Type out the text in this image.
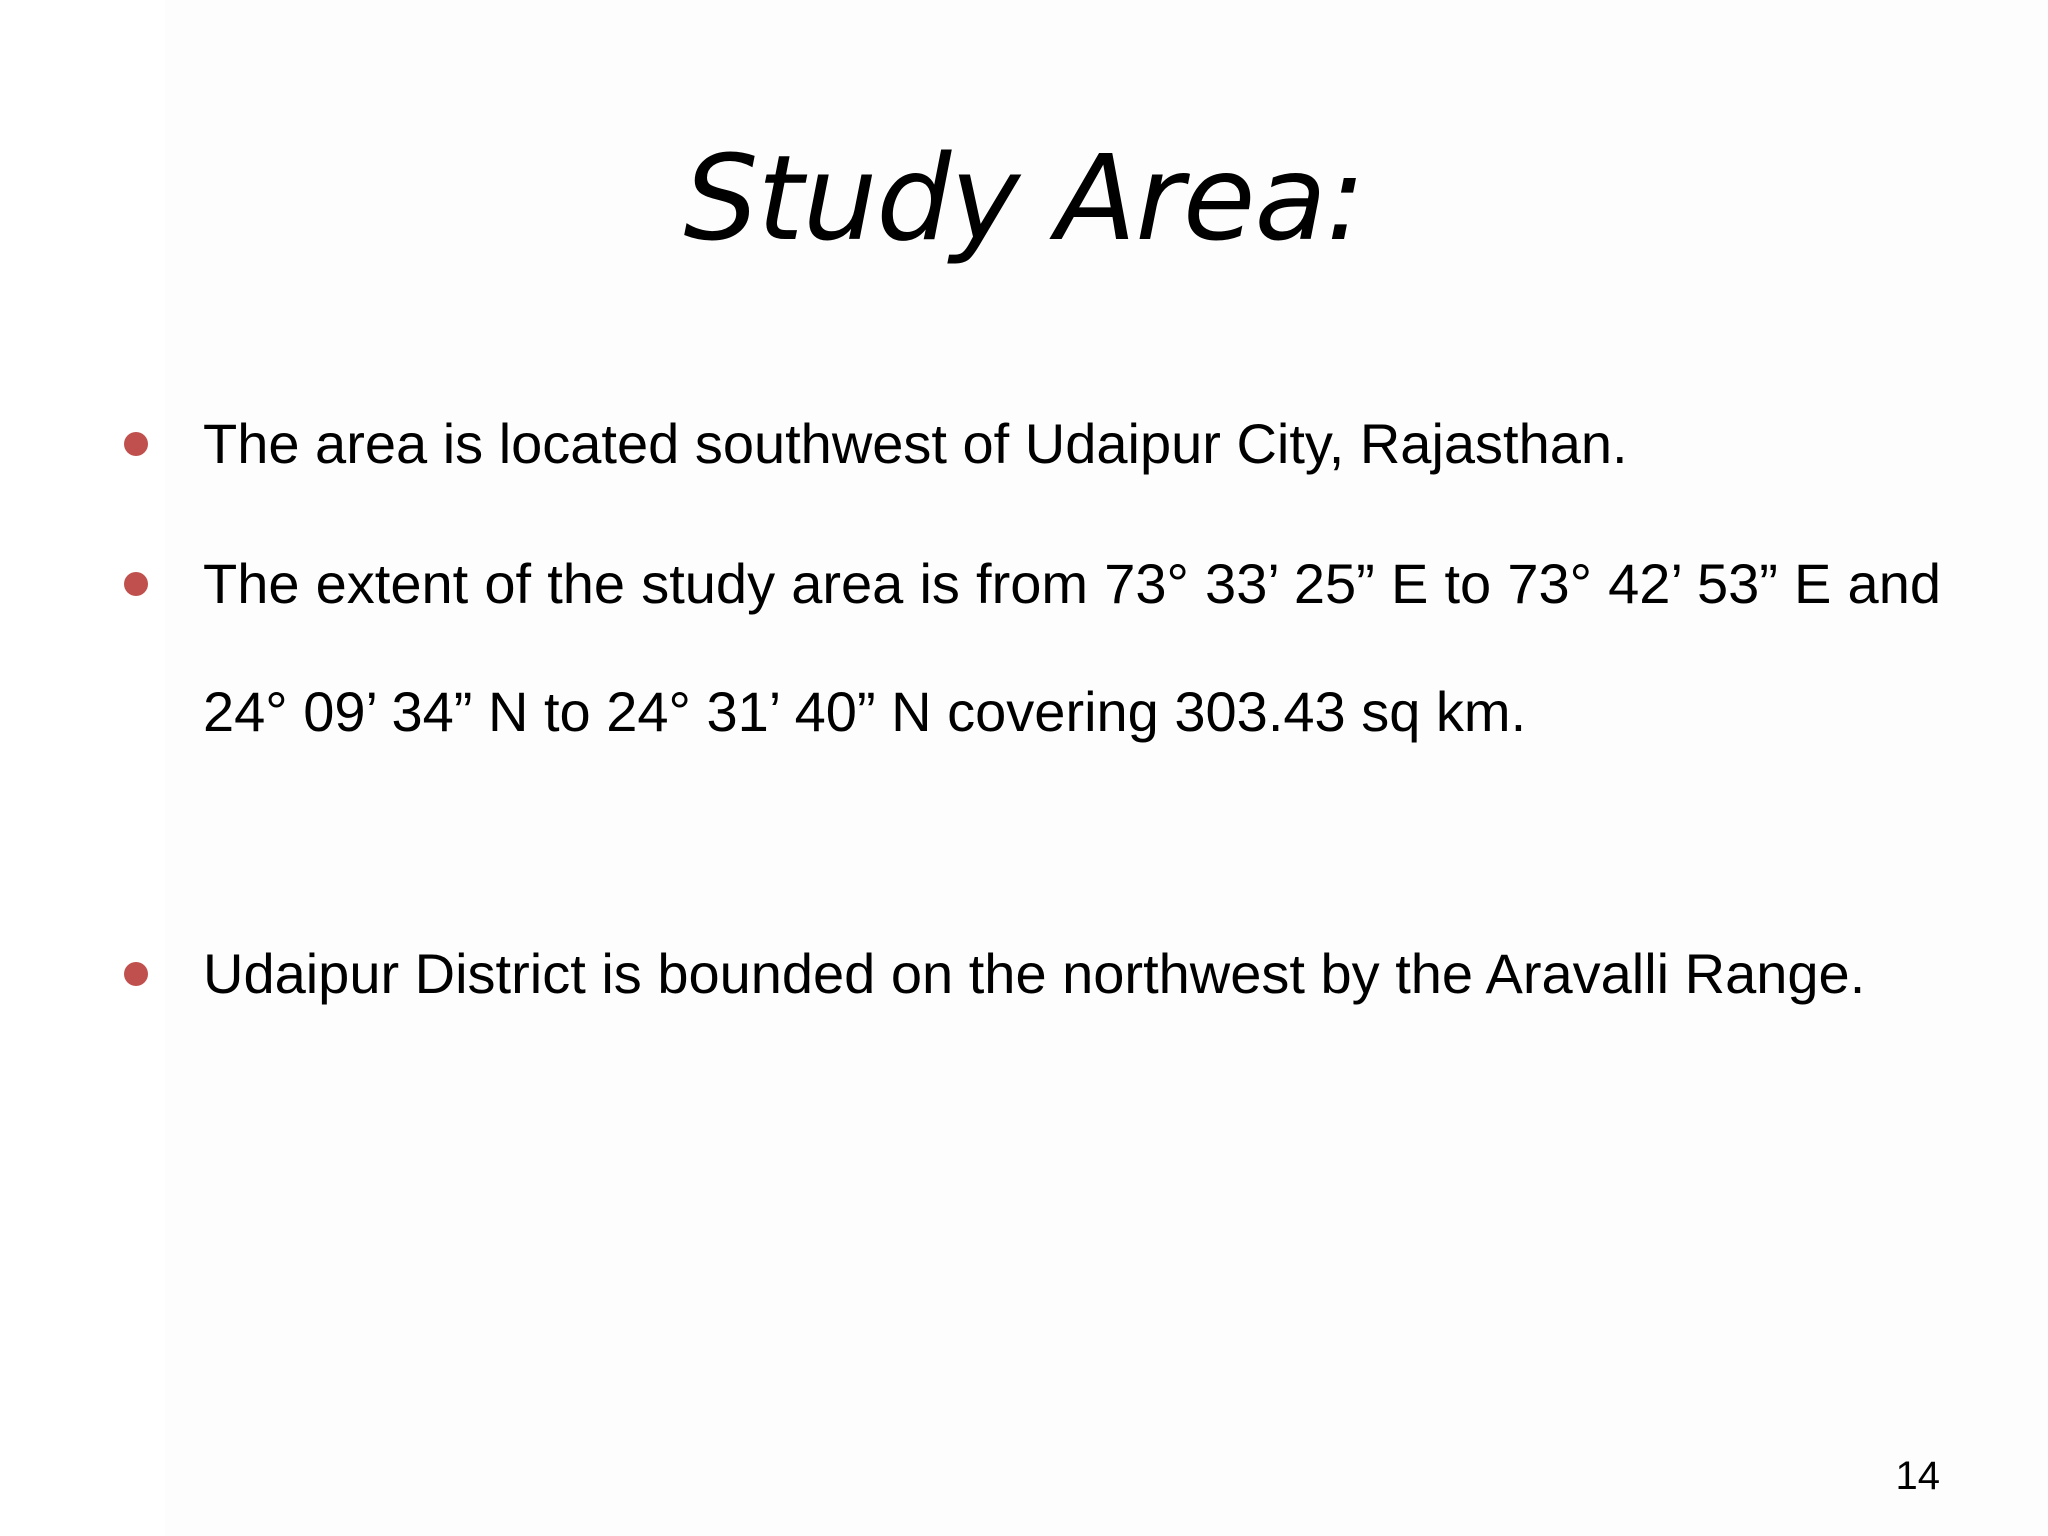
Study Area:
The area is located southwest of Udaipur City, Rajasthan.
The extent of the study area is from 73° 33’ 25” E to 73° 42’ 53” E and 24° 09’ 34” N to 24° 31’ 40” N covering 303.43 sq km.
Udaipur District is bounded on the northwest by the Aravalli Range.
14
